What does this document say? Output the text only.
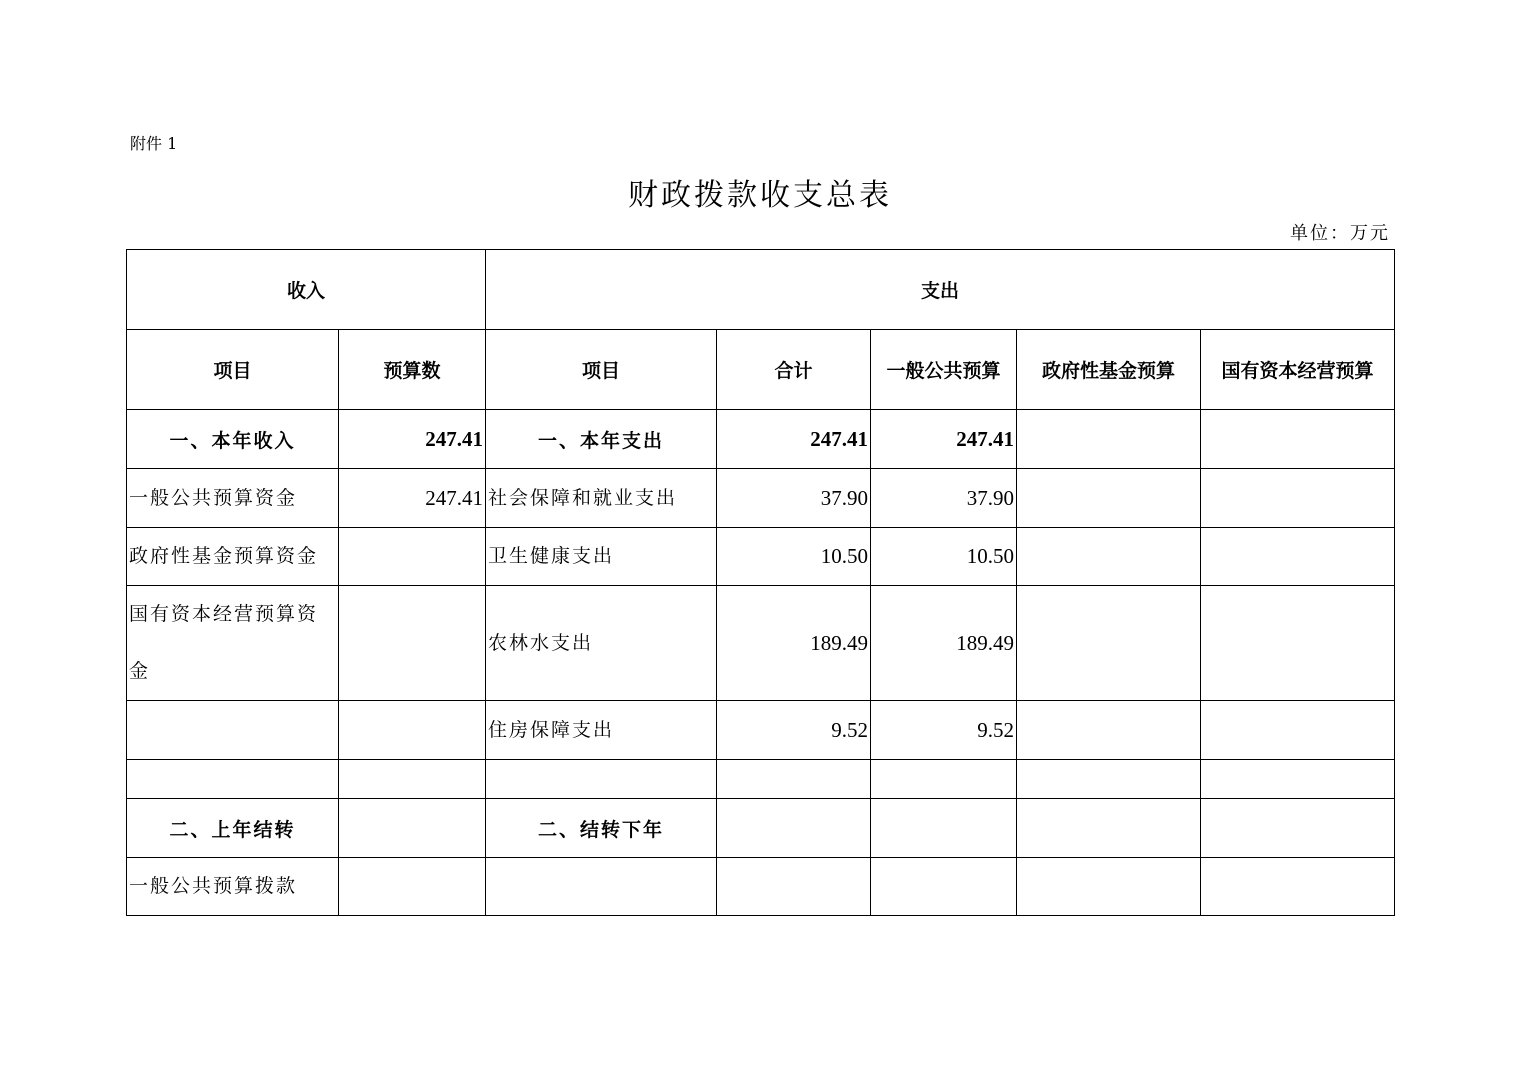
附件 1
财政拨款收支总表
单位：万元
收入		支出				
项目	预算数	项目	合计	一般公共预算	政府性基金预算	国有资本经营预算
一、本年收入	247.41	一、本年支出	247.41	247.41		
一般公共预算资金	247.41	社会保障和就业支出	37.90	37.90		
政府性基金预算资金		卫生健康支出	10.50	10.50		
国有资本经营预算资金		农林水支出	189.49	189.49		
		住房保障支出	9.52	9.52		

二、上年结转		二、结转下年				
一般公共预算拨款						
